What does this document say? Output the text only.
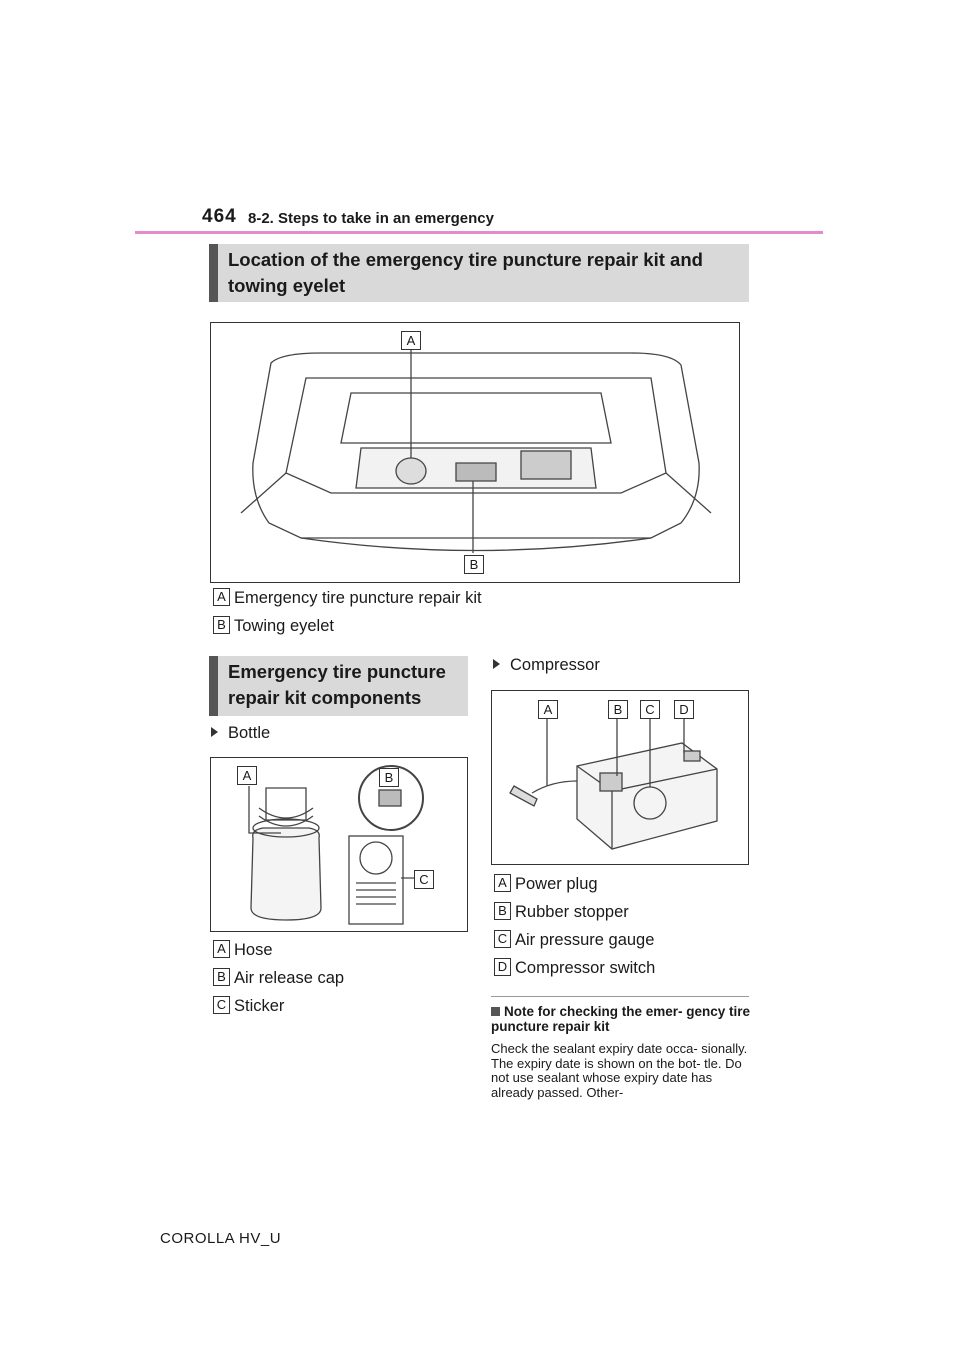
464 8-2. Steps to take in an emergency
Location of the emergency tire puncture repair kit and towing eyelet
A
B
A Emergency tire puncture repair kit
B Towing eyelet
Emergency tire puncture repair kit components
Bottle
A	B
C
A Hose
B Air release cap
C Sticker
Compressor
A	B	C	D
A Power plug
B Rubber stopper
C Air pressure gauge
D Compressor switch
Note for checking the emer- gency tire puncture repair kit
Check the sealant expiry date occa- sionally. The expiry date is shown on the bot- tle. Do not use sealant whose expiry date has already passed. Other-
COROLLA HV_U
